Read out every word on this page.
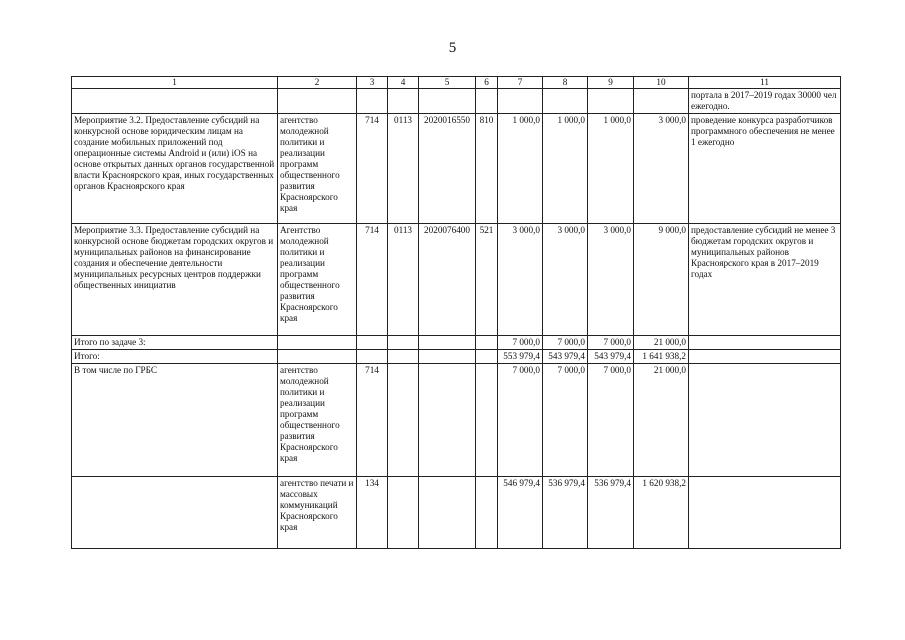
5
1	2	3	4	5	6	7	8	9	10	11
										портала в 2017–2019 годах 30000 чел ежегодно.
Мероприятие 3.2. Предоставление субсидий на конкурсной основе юридическим лицам на создание мобильных приложений под операционные системы Android и (или) iOS на основе открытых данных органов государственной власти Красноярского края, иных государственных органов Красноярского края	агентство молодежной политики и реализации программ общественного развития Красноярского края	714	0113	2020016550	810	1 000,0	1 000,0	1 000,0	3 000,0	проведение конкурса разработчиков программного обеспечения не менее 1 ежегодно
Мероприятие 3.3. Предоставление субсидий на конкурсной основе бюджетам городских округов и муниципальных районов на финансирование создания и обеспечение деятельности муниципальных ресурсных центров поддержки общественных инициатив	Агентство молодежной политики и реализации программ общественного развития Красноярского края	714	0113	2020076400	521	3 000,0	3 000,0	3 000,0	9 000,0	предоставление субсидий не менее 3 бюджетам городских округов и муниципальных районов Красноярского края в 2017–2019 годах
Итого по задаче 3:						7 000,0	7 000,0	7 000,0	21 000,0	
Итого:						553 979,4	543 979,4	543 979,4	1 641 938,2	
В том числе по ГРБС	агентство молодежной политики и реализации программ общественного развития Красноярского края	714				7 000,0	7 000,0	7 000,0	21 000,0	
	агентство печати и массовых коммуникаций Красноярского края	134				546 979,4	536 979,4	536 979,4	1 620 938,2	
